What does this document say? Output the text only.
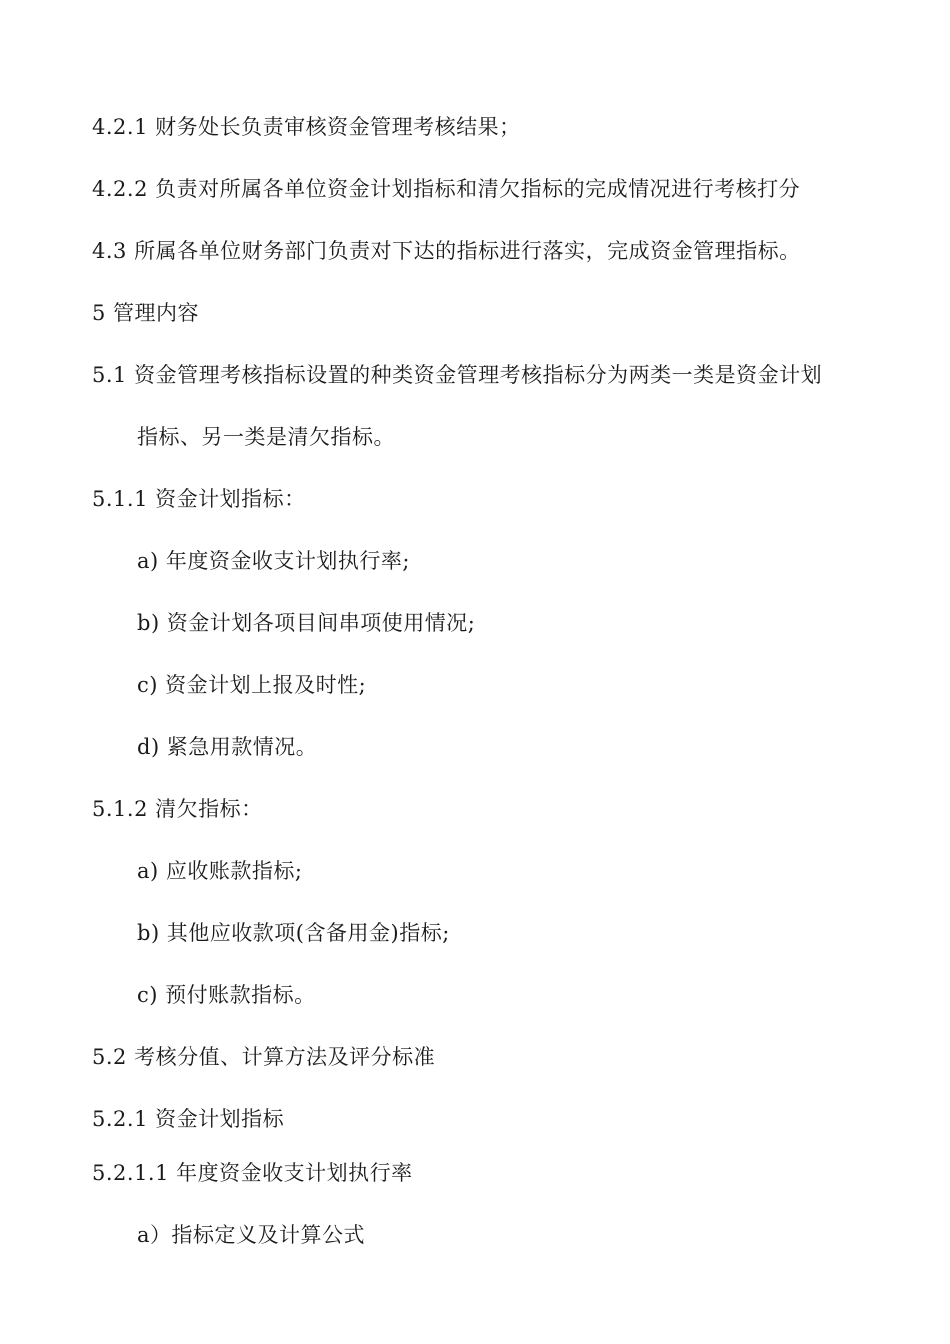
4.2.1 财务处长负责审核资金管理考核结果；
4.2.2 负责对所属各单位资金计划指标和清欠指标的完成情况进行考核打分
4.3 所属各单位财务部门负责对下达的指标进行落实，完成资金管理指标。
5 管理内容
5.1 资金管理考核指标设置的种类资金管理考核指标分为两类一类是资金计划
指标、另一类是清欠指标。
5.1.1 资金计划指标：
a) 年度资金收支计划执行率;
b) 资金计划各项目间串项使用情况;
c) 资金计划上报及时性;
d) 紧急用款情况。
5.1.2 清欠指标：
a) 应收账款指标;
b) 其他应收款项(含备用金)指标;
c) 预付账款指标。
5.2 考核分值、计算方法及评分标准
5.2.1 资金计划指标
5.2.1.1 年度资金收支计划执行率
a）指标定义及计算公式
